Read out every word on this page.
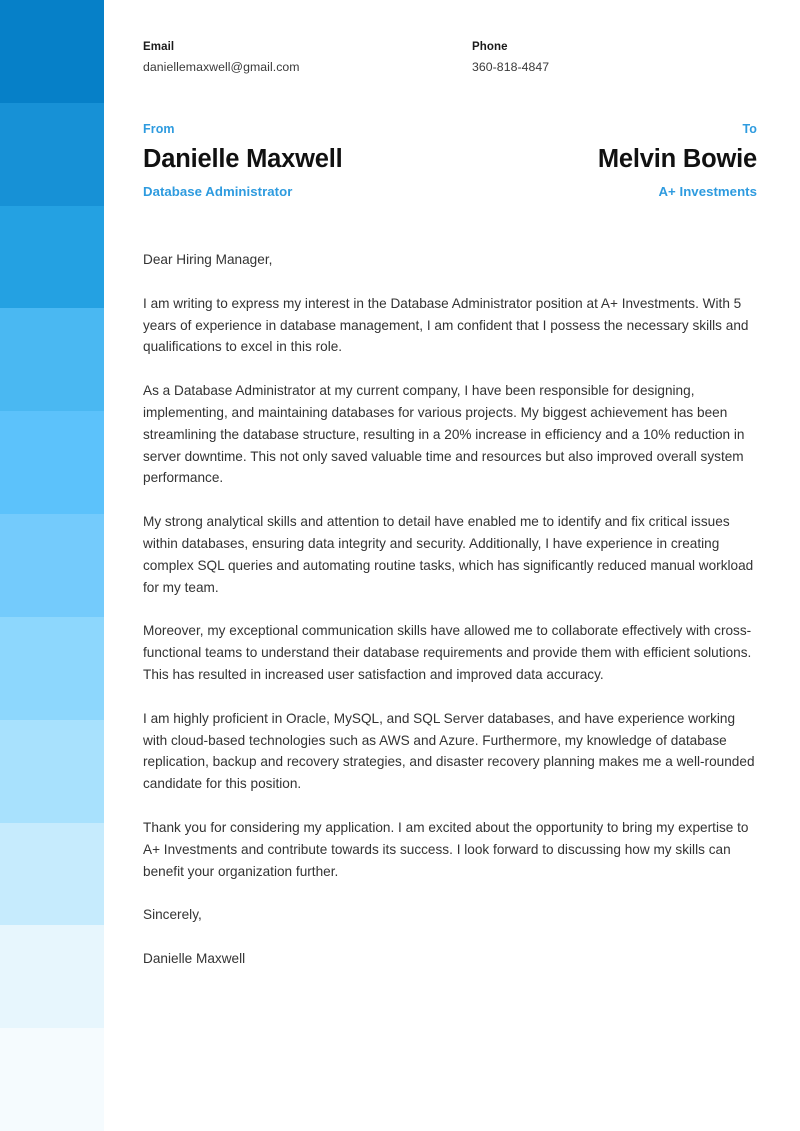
Email
daniellemaxwell@gmail.com
Phone
360-818-4847
From
Danielle Maxwell
Database Administrator
To
Melvin Bowie
A+ Investments

Dear Hiring Manager,

I am writing to express my interest in the Database Administrator position at A+ Investments. With 5 years of experience in database management, I am confident that I possess the necessary skills and qualifications to excel in this role.

As a Database Administrator at my current company, I have been responsible for designing, implementing, and maintaining databases for various projects. My biggest achievement has been streamlining the database structure, resulting in a 20% increase in efficiency and a 10% reduction in server downtime. This not only saved valuable time and resources but also improved overall system performance.

My strong analytical skills and attention to detail have enabled me to identify and fix critical issues within databases, ensuring data integrity and security. Additionally, I have experience in creating complex SQL queries and automating routine tasks, which has significantly reduced manual workload for my team.

Moreover, my exceptional communication skills have allowed me to collaborate effectively with cross-functional teams to understand their database requirements and provide them with efficient solutions. This has resulted in increased user satisfaction and improved data accuracy.

I am highly proficient in Oracle, MySQL, and SQL Server databases, and have experience working with cloud-based technologies such as AWS and Azure. Furthermore, my knowledge of database replication, backup and recovery strategies, and disaster recovery planning makes me a well-rounded candidate for this position.

Thank you for considering my application. I am excited about the opportunity to bring my expertise to A+ Investments and contribute towards its success. I look forward to discussing how my skills can benefit your organization further.

Sincerely,

Danielle Maxwell
